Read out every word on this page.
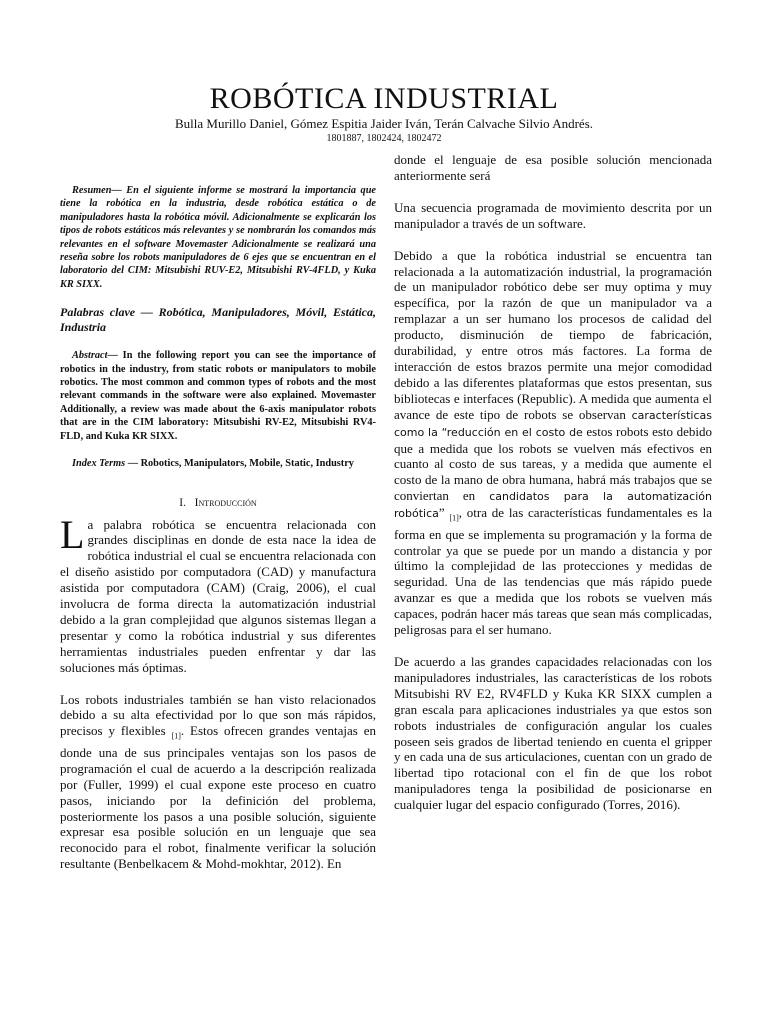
ROBÓTICA INDUSTRIAL
Bulla Murillo Daniel, Gómez Espitia Jaider Iván, Terán Calvache Silvio Andrés.
1801887, 1802424, 1802472

Resumen— En el siguiente informe se mostrará la importancia que tiene la robótica en la industria, desde robótica estática o de manipuladores hasta la robótica móvil. Adicionalmente se explicarán los tipos de robots estáticos más relevantes y se nombrarán los comandos más relevantes en el software Movemaster Adicionalmente se realizará una reseña sobre los robots manipuladores de 6 ejes que se encuentran en el laboratorio del CIM: Mitsubishi RUV-E2, Mitsubishi RV-4FLD, y Kuka KR SIXX.

Palabras clave — Robótica, Manipuladores, Móvil, Estática, Industria

Abstract— In the following report you can see the importance of robotics in the industry, from static robots or manipulators to mobile robotics. The most common and common types of robots and the most relevant commands in the software were also explained. Movemaster Additionally, a review was made about the 6-axis manipulator robots that are in the CIM laboratory: Mitsubishi RV-E2, Mitsubishi RV4-FLD, and Kuka KR SIXX.

Index Terms — Robotics, Manipulators, Mobile, Static, Industry

I. Introducción

La palabra robótica se encuentra relacionada con grandes disciplinas en donde de esta nace la idea de robótica industrial el cual se encuentra relacionada con el diseño asistido por computadora (CAD) y manufactura asistida por computadora (CAM) (Craig, 2006), el cual involucra de forma directa la automatización industrial debido a la gran complejidad que algunos sistemas llegan a presentar y como la robótica industrial y sus diferentes herramientas industriales pueden enfrentar y dar las soluciones más óptimas.

Los robots industriales también se han visto relacionados debido a su alta efectividad por lo que son más rápidos, precisos y flexibles $_{[1]}$. Estos ofrecen grandes ventajas en donde una de sus principales ventajas son los pasos de programación el cual de acuerdo a la descripción realizada por (Fuller, 1999) el cual expone este proceso en cuatro pasos, iniciando por la definición del problema, posteriormente los pasos a una posible solución, siguiente expresar esa posible solución en un lenguaje que sea reconocido para el robot, finalmente verificar la solución resultante (Benbelkacem & Mohd-mokhtar, 2012). En

donde el lenguaje de esa posible solución mencionada anteriormente será

Una secuencia programada de movimiento descrita por un manipulador a través de un software.

Debido a que la robótica industrial se encuentra tan relacionada a la automatización industrial, la programación de un manipulador robótico debe ser muy optima y muy específica, por la razón de que un manipulador va a remplazar a un ser humano los procesos de calidad del producto, disminución de tiempo de fabricación, durabilidad, y entre otros más factores. La forma de interacción de estos brazos permite una mejor comodidad debido a las diferentes plataformas que estos presentan, sus bibliotecas e interfaces (Republic). A medida que aumenta el avance de este tipo de robots se observan características como la “reducción en el costo de estos robots esto debido que a medida que los robots se vuelven más efectivos en cuanto al costo de sus tareas, y a medida que aumente el costo de la mano de obra humana, habrá más trabajos que se conviertan en candidatos para la automatización robótica” $_{[1]}$, otra de las características fundamentales es la forma en que se implementa su programación y la forma de controlar ya que se puede por un mando a distancia y por último la complejidad de las protecciones y medidas de seguridad. Una de las tendencias que más rápido puede avanzar es que a medida que los robots se vuelven más capaces, podrán hacer más tareas que sean más complicadas, peligrosas para el ser humano.

De acuerdo a las grandes capacidades relacionadas con los manipuladores industriales, las características de los robots Mitsubishi RV E2, RV4FLD y Kuka KR SIXX cumplen a gran escala para aplicaciones industriales ya que estos son robots industriales de configuración angular los cuales poseen seis grados de libertad teniendo en cuenta el gripper y en cada una de sus articulaciones, cuentan con un grado de libertad tipo rotacional con el fin de que los robot manipuladores tenga la posibilidad de posicionarse en cualquier lugar del espacio configurado (Torres, 2016).
